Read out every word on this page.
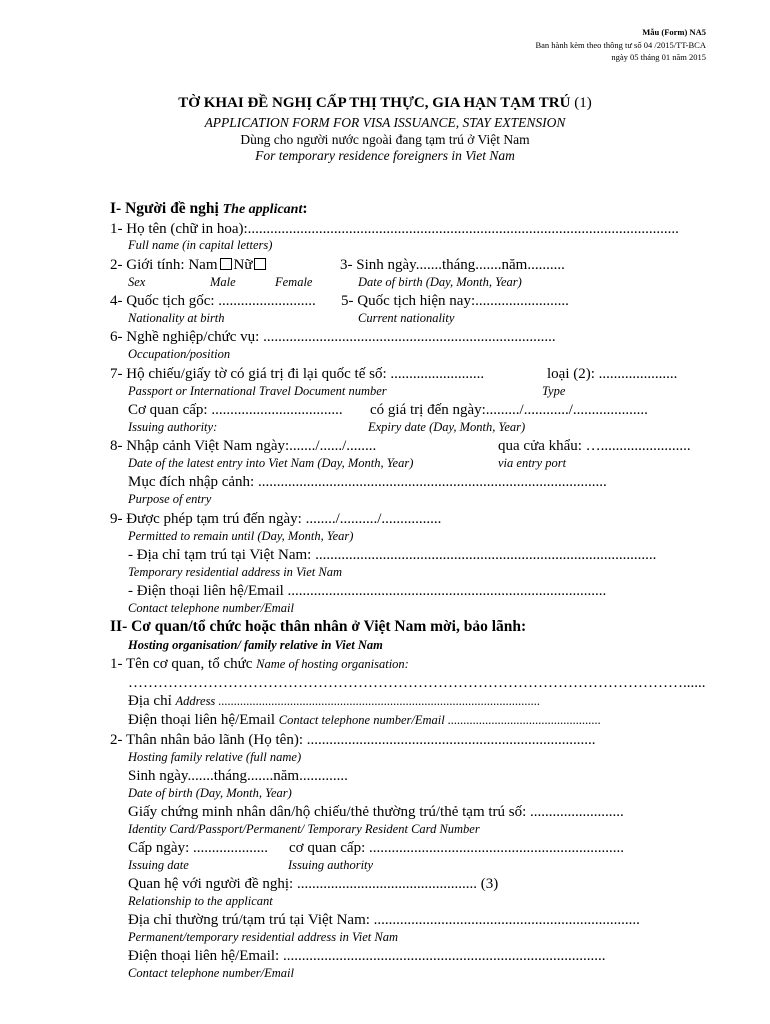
Mẫu (Form) NA5
Ban hành kèm theo thông tư số 04 /2015/TT-BCA
ngày 05 tháng 01 năm 2015
TỜ KHAI ĐỀ NGHỊ CẤP THỊ THỰC, GIA HẠN TẠM TRÚ (1)
APPLICATION FORM FOR VISA ISSUANCE, STAY EXTENSION
Dùng cho người nước ngoài đang tạm trú ở Việt Nam
For temporary residence foreigners in Viet Nam
I- Người đề nghị The applicant:
1- Họ tên (chữ in hoa):...................................................................................................................
Full name (in capital letters)
2- Giới tính: Nam Nữ	3- Sinh ngày.......tháng.......năm..........
Sex	Male	Female	Date of birth (Day, Month, Year)
4- Quốc tịch gốc: ..........................	5- Quốc tịch hiện nay:.........................
Nationality at birth	Current nationality
6- Nghề nghiệp/chức vụ: ..............................................................................
Occupation/position
7- Hộ chiếu/giấy tờ có giá trị đi lại quốc tế số: .........................	loại (2): .....................
Passport or International Travel Document number	Type
Cơ quan cấp: ...................................	có giá trị đến ngày:........./............/....................
Issuing authority:	Expiry date (Day, Month, Year)
8- Nhập cảnh Việt Nam ngày:......./....../........	qua cửa khẩu: …........................
Date of the latest entry into Viet Nam (Day, Month, Year)	via entry port
Mục đích nhập cảnh: .............................................................................................
Purpose of entry
9- Được phép tạm trú đến ngày: ......../........../................
Permitted to remain until (Day, Month, Year)
- Địa chỉ tạm trú tại Việt Nam: ...........................................................................................
Temporary residential address in Viet Nam
- Điện thoại liên hệ/Email .....................................................................................
Contact telephone number/Email
II- Cơ quan/tổ chức hoặc thân nhân ở Việt Nam mời, bảo lãnh:
Hosting organisation/ family relative in Viet Nam
1- Tên cơ quan, tổ chức Name of hosting organisation:
…………………………………………………………………………………………………......
Địa chỉ Address .......................................................................................................
Điện thoại liên hệ/Email Contact telephone number/Email .................................................
2- Thân nhân bảo lãnh (Họ tên): .............................................................................
Hosting family relative (full name)
Sinh ngày.......tháng.......năm.............
Date of birth (Day, Month, Year)
Giấy chứng minh nhân dân/hộ chiếu/thẻ thường trú/thẻ tạm trú số: .........................
Identity Card/Passport/Permanent/ Temporary Resident Card Number
Cấp ngày: ....................	cơ quan cấp: ....................................................................
Issuing date	Issuing authority
Quan hệ với người đề nghị: ................................................ (3)
Relationship to the applicant
Địa chỉ thường trú/tạm trú tại Việt Nam: .......................................................................
Permanent/temporary residential address in Viet Nam
Điện thoại liên hệ/Email: ......................................................................................
Contact telephone number/Email
